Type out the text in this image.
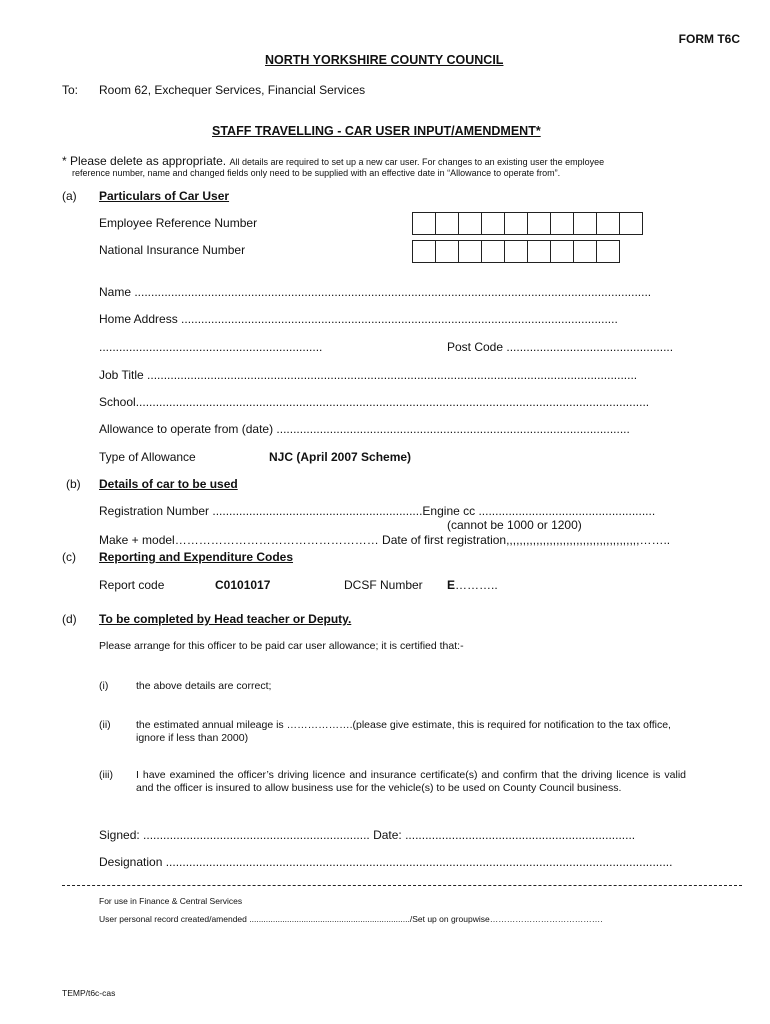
FORM T6C
NORTH YORKSHIRE COUNTY COUNCIL
To: Room 62, Exchequer Services, Financial Services
STAFF TRAVELLING - CAR USER INPUT/AMENDMENT*
* Please delete as appropriate. All details are required to set up a new car user. For changes to an existing user the employee
reference number, name and changed fields only need to be supplied with an effective date in “Allowance to operate from”.
(a) Particulars of Car User
Employee Reference Number
National Insurance Number
Name ...........................................................................................................................................................
Home Address ...................................................................................................................................
...................................................................	Post Code ..................................................
Job Title ...................................................................................................................................................
School..........................................................................................................................................................
Allowance to operate from (date) ..........................................................................................................
Type of Allowance	NJC (April 2007 Scheme)
(b) Details of car to be used
Registration Number ...............................................................Engine cc .....................................................
(cannot be 1000 or 1200)
Make + model…………………………………………… Date of first registration,,,,,,,,,,,,,,,,,,,,,,,,,,,,,,,,,,,,,,,,……..
(c) Reporting and Expenditure Codes
Report code	C0101017	DCSF Number E………..
(d) To be completed by Head teacher or Deputy.
Please arrange for this officer to be paid car user allowance; it is certified that:-
(i)	the above details are correct;
(ii) the estimated annual mileage is ……………….(please give estimate, this is required for notification to the tax office, ignore if less than 2000)
(iii) I have examined the officer’s driving licence and insurance certificate(s) and confirm that the driving licence is valid and the officer is insured to allow business use for the vehicle(s) to be used on County Council business.
Signed: .................................................................... Date: .....................................................................
Designation ........................................................................................................................................................
For use in Finance & Central Services
User personal record created/amended ..................................................................../Set up on groupwise………………………………….
TEMP/t6c-cas
